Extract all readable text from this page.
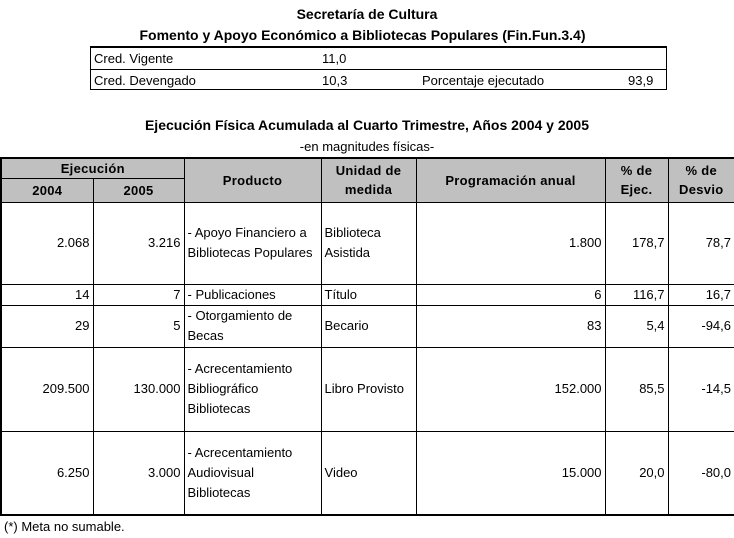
Secretaría de Cultura
Fomento y Apoyo Económico a Bibliotecas Populares (Fin.Fun.3.4)
Cred. Vigente	11,0
Cred. Devengado	10,3	Porcentaje ejecutado	93,9
Ejecución Física Acumulada al Cuarto Trimestre, Años 2004 y 2005
-en magnitudes físicas-
Ejecución		Producto	Unidad de medida	Programación anual	% de Ejec.	% de Desvio
2004	2005					
2.068	3.216	- Apoyo Financiero a Bibliotecas Populares	Biblioteca Asistida	1.800	178,7	78,7
14	7	- Publicaciones	Título	6	116,7	16,7
29	5	- Otorgamiento de Becas	Becario	83	5,4	-94,6
209.500	130.000	- Acrecentamiento Bibliográfico Bibliotecas	Libro Provisto	152.000	85,5	-14,5
6.250	3.000	- Acrecentamiento Audiovisual Bibliotecas	Video	15.000	20,0	-80,0
(*) Meta no sumable.
